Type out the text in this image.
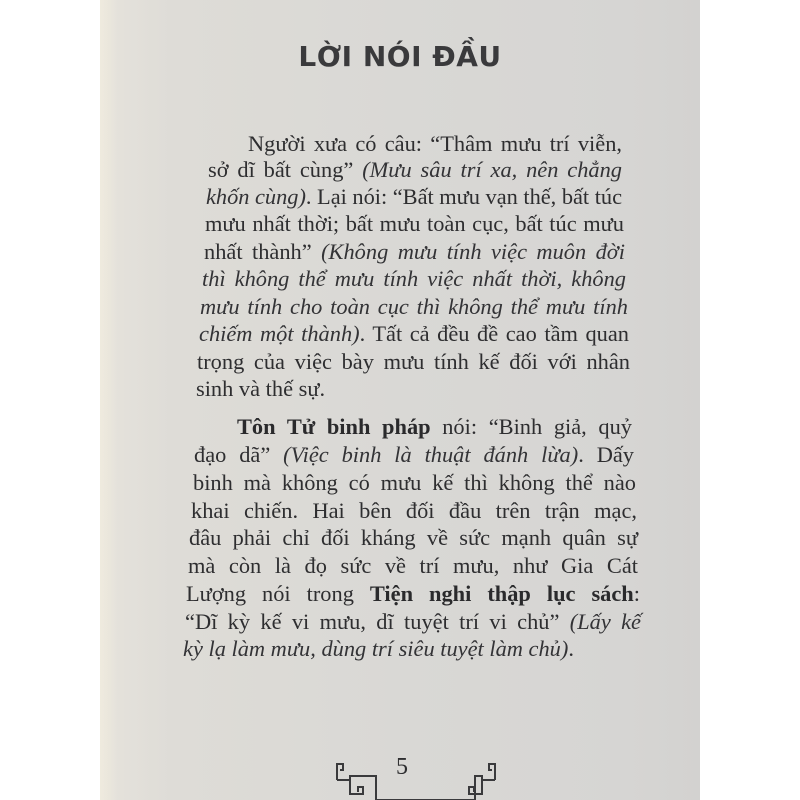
LỜI NÓI ĐẦU
Người xưa có câu: “Thâm mưu trí viễn,
sở dĩ bất cùng” (Mưu sâu trí xa, nên chẳng
khốn cùng). Lại nói: “Bất mưu vạn thế, bất túc
mưu nhất thời; bất mưu toàn cục, bất túc mưu
nhất thành” (Không mưu tính việc muôn đời
thì không thể mưu tính việc nhất thời, không
mưu tính cho toàn cục thì không thể mưu tính
chiếm một thành). Tất cả đều đề cao tầm quan
trọng của việc bày mưu tính kế đối với nhân
sinh và thế sự.
Tôn Tử binh pháp nói: “Binh giả, quỷ
đạo dã” (Việc binh là thuật đánh lừa). Dấy
binh mà không có mưu kế thì không thể nào
khai chiến. Hai bên đối đầu trên trận mạc,
đâu phải chỉ đối kháng về sức mạnh quân sự
mà còn là đọ sức về trí mưu, như Gia Cát
Lượng nói trong Tiện nghi thập lục sách:
“Dĩ kỳ kế vi mưu, dĩ tuyệt trí vi chủ” (Lấy kế
kỳ lạ làm mưu, dùng trí siêu tuyệt làm chủ).
5
